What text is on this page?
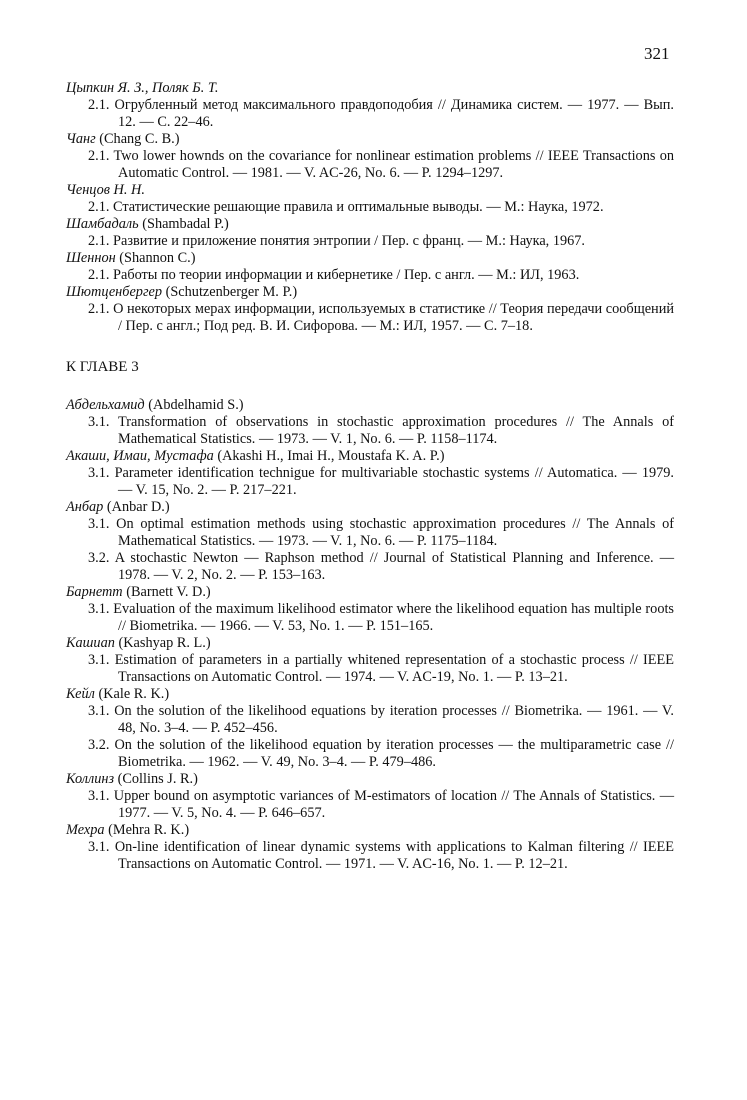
321
Цыпкин Я. З., Поляк Б. Т.
2.1. Огрубленный метод максимального правдоподобия // Динамика систем. — 1977. — Вып. 12. — С. 22–46.
Чанг (Chang C. B.)
2.1. Two lower hownds on the covariance for nonlinear estimation problems // IEEE Transactions on Automatic Control. — 1981. — V. AC-26, No. 6. — P. 1294–1297.
Ченцов Н. Н.
2.1. Статистические решающие правила и оптимальные выводы. — М.: Наука, 1972.
Шамбадаль (Shambadal P.)
2.1. Развитие и приложение понятия энтропии / Пер. с франц. — М.: Наука, 1967.
Шеннон (Shannon C.)
2.1. Работы по теории информации и кибернетике / Пер. с англ. — М.: ИЛ, 1963.
Шютценбергер (Schutzenberger M. P.)
2.1. О некоторых мерах информации, используемых в статистике // Теория передачи сообщений / Пер. с англ.; Под ред. В. И. Сифорова. — М.: ИЛ, 1957. — С. 7–18.
К ГЛАВЕ 3
Абдельхамид (Abdelhamid S.)
3.1. Transformation of observations in stochastic approximation procedures // The Annals of Mathematical Statistics. — 1973. — V. 1, No. 6. — P. 1158–1174.
Акаши, Имаи, Мустафа (Akashi H., Imai H., Moustafa K. A. P.)
3.1. Parameter identification technigue for multivariable stochastic systems // Automatica. — 1979. — V. 15, No. 2. — P. 217–221.
Анбар (Anbar D.)
3.1. On optimal estimation methods using stochastic approximation procedures // The Annals of Mathematical Statistics. — 1973. — V. 1, No. 6. — P. 1175–1184.
3.2. A stochastic Newton — Raphson method // Journal of Statistical Planning and Inference. — 1978. — V. 2, No. 2. — P. 153–163.
Барнетт (Barnett V. D.)
3.1. Evaluation of the maximum likelihood estimator where the likelihood equation has multiple roots // Biometrika. — 1966. — V. 53, No. 1. — P. 151–165.
Кашиап (Kashyap R. L.)
3.1. Estimation of parameters in a partially whitened representation of a stochastic process // IEEE Transactions on Automatic Control. — 1974. — V. AC-19, No. 1. — P. 13–21.
Кейл (Kale R. K.)
3.1. On the solution of the likelihood equations by iteration processes // Biometrika. — 1961. — V. 48, No. 3–4. — P. 452–456.
3.2. On the solution of the likelihood equation by iteration processes — the multiparametric case // Biometrika. — 1962. — V. 49, No. 3–4. — P. 479–486.
Коллинз (Collins J. R.)
3.1. Upper bound on asymptotic variances of M-estimators of location // The Annals of Statistics. — 1977. — V. 5, No. 4. — P. 646–657.
Мехра (Mehra R. K.)
3.1. On-line identification of linear dynamic systems with applications to Kalman filtering // IEEE Transactions on Automatic Control. — 1971. — V. AC-16, No. 1. — P. 12–21.
